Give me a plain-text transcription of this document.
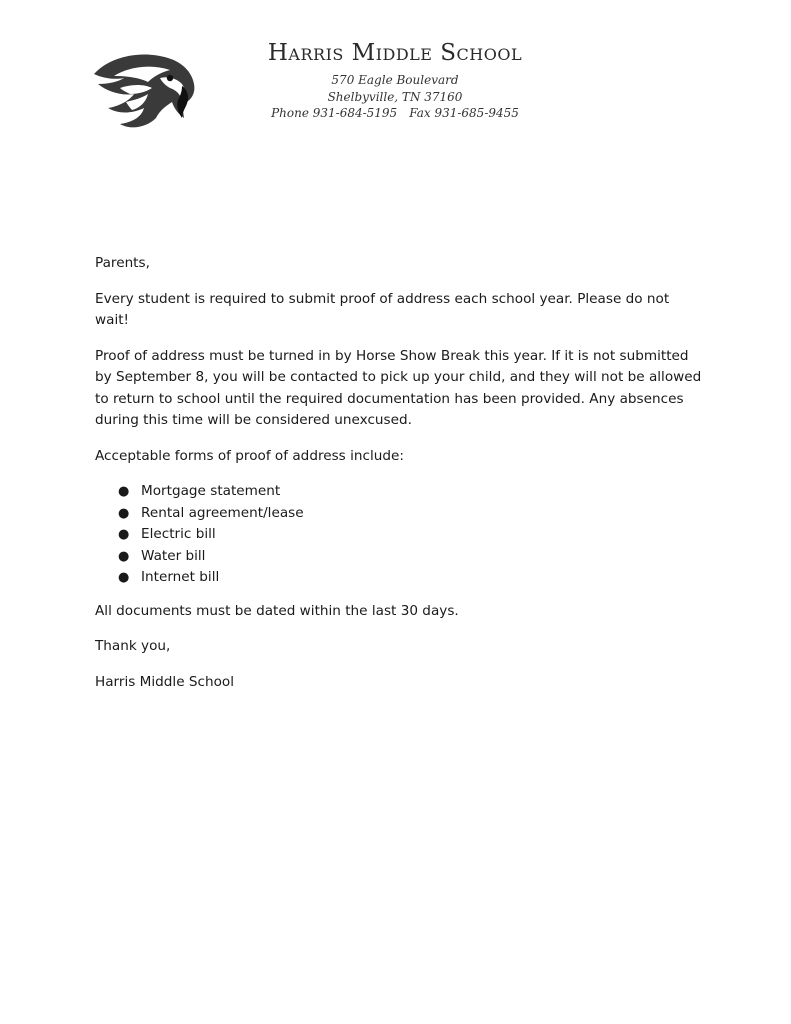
Harris Middle School
570 Eagle Boulevard
Shelbyville, TN 37160
Phone 931-684-5195 Fax 931-685-9455

Parents,

Every student is required to submit proof of address each school year. Please do not wait!

Proof of address must be turned in by Horse Show Break this year. If it is not submitted by September 8, you will be contacted to pick up your child, and they will not be allowed to return to school until the required documentation has been provided. Any absences during this time will be considered unexcused.

Acceptable forms of proof of address include:

● Mortgage statement
● Rental agreement/lease
● Electric bill
● Water bill
● Internet bill

All documents must be dated within the last 30 days.

Thank you,

Harris Middle School
